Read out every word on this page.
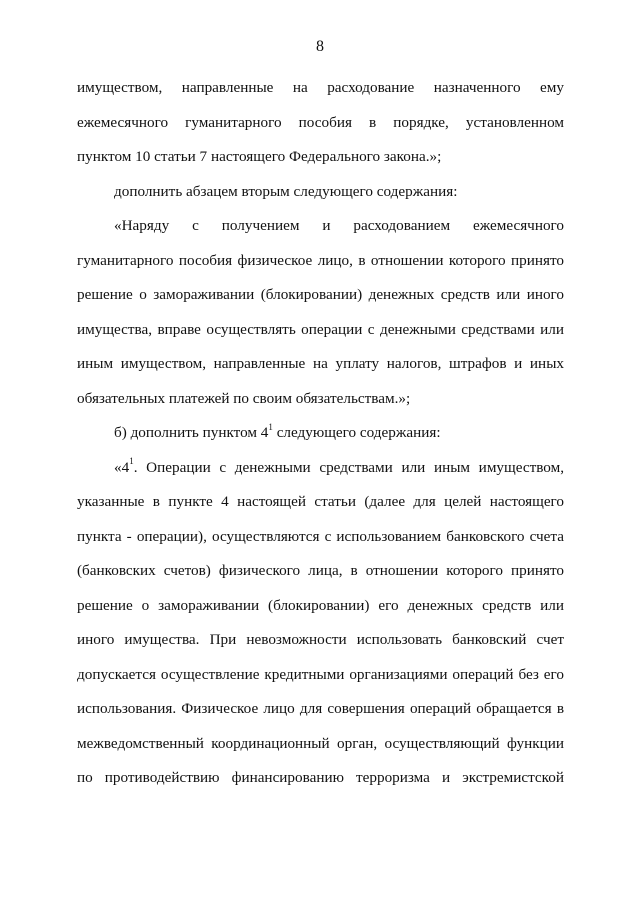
8

имуществом, направленные на расходование назначенного ему

ежемесячного гуманитарного пособия в порядке, установленном

пунктом 10 статьи 7 настоящего Федерального закона.»;

дополнить абзацем вторым следующего содержания:

«Наряду с получением и расходованием ежемесячного

гуманитарного пособия физическое лицо, в отношении которого принято

решение о замораживании (блокировании) денежных средств или иного

имущества, вправе осуществлять операции с денежными средствами или

иным имуществом, направленные на уплату налогов, штрафов и иных

обязательных платежей по своим обязательствам.»;

б) дополнить пунктом $4^1$ следующего содержания:

«$4^1$. Операции с денежными средствами или иным имуществом,

указанные в пункте 4 настоящей статьи (далее для целей настоящего

пункта - операции), осуществляются с использованием банковского счета

(банковских счетов) физического лица, в отношении которого принято

решение о замораживании (блокировании) его денежных средств или

иного имущества. При невозможности использовать банковский счет

допускается осуществление кредитными организациями операций без его

использования. Физическое лицо для совершения операций обращается в

межведомственный координационный орган, осуществляющий функции

по противодействию финансированию терроризма и экстремистской
